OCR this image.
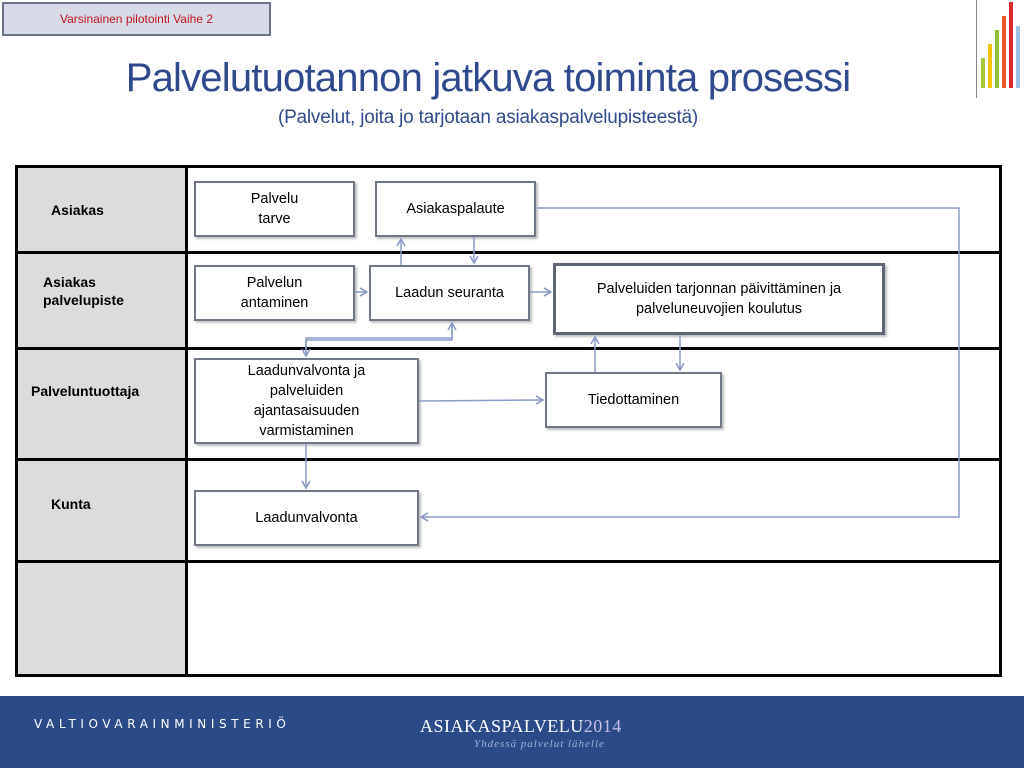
Varsinainen pilotointi Vaihe 2
Palvelutuotannon jatkuva toiminta prosessi
(Palvelut, joita jo tarjotaan asiakaspalvelupisteestä)
Asiakas
Asiakas
palvelupiste
Palveluntuottaja
Kunta
Palvelu
tarve
Asiakaspalaute
Palvelun
antaminen
Laadun seuranta	Palveluiden tarjonnan päivittäminen ja
palveluneuvojien koulutus
Laadunvalvonta ja
palveluiden
ajantasaisuuden
varmistaminen
Tiedottaminen
Laadunvalvonta
VALTIOVARAINMINISTERIÖ	ASIAKASPALVELU2014
Yhdessä palvelut lähelle
